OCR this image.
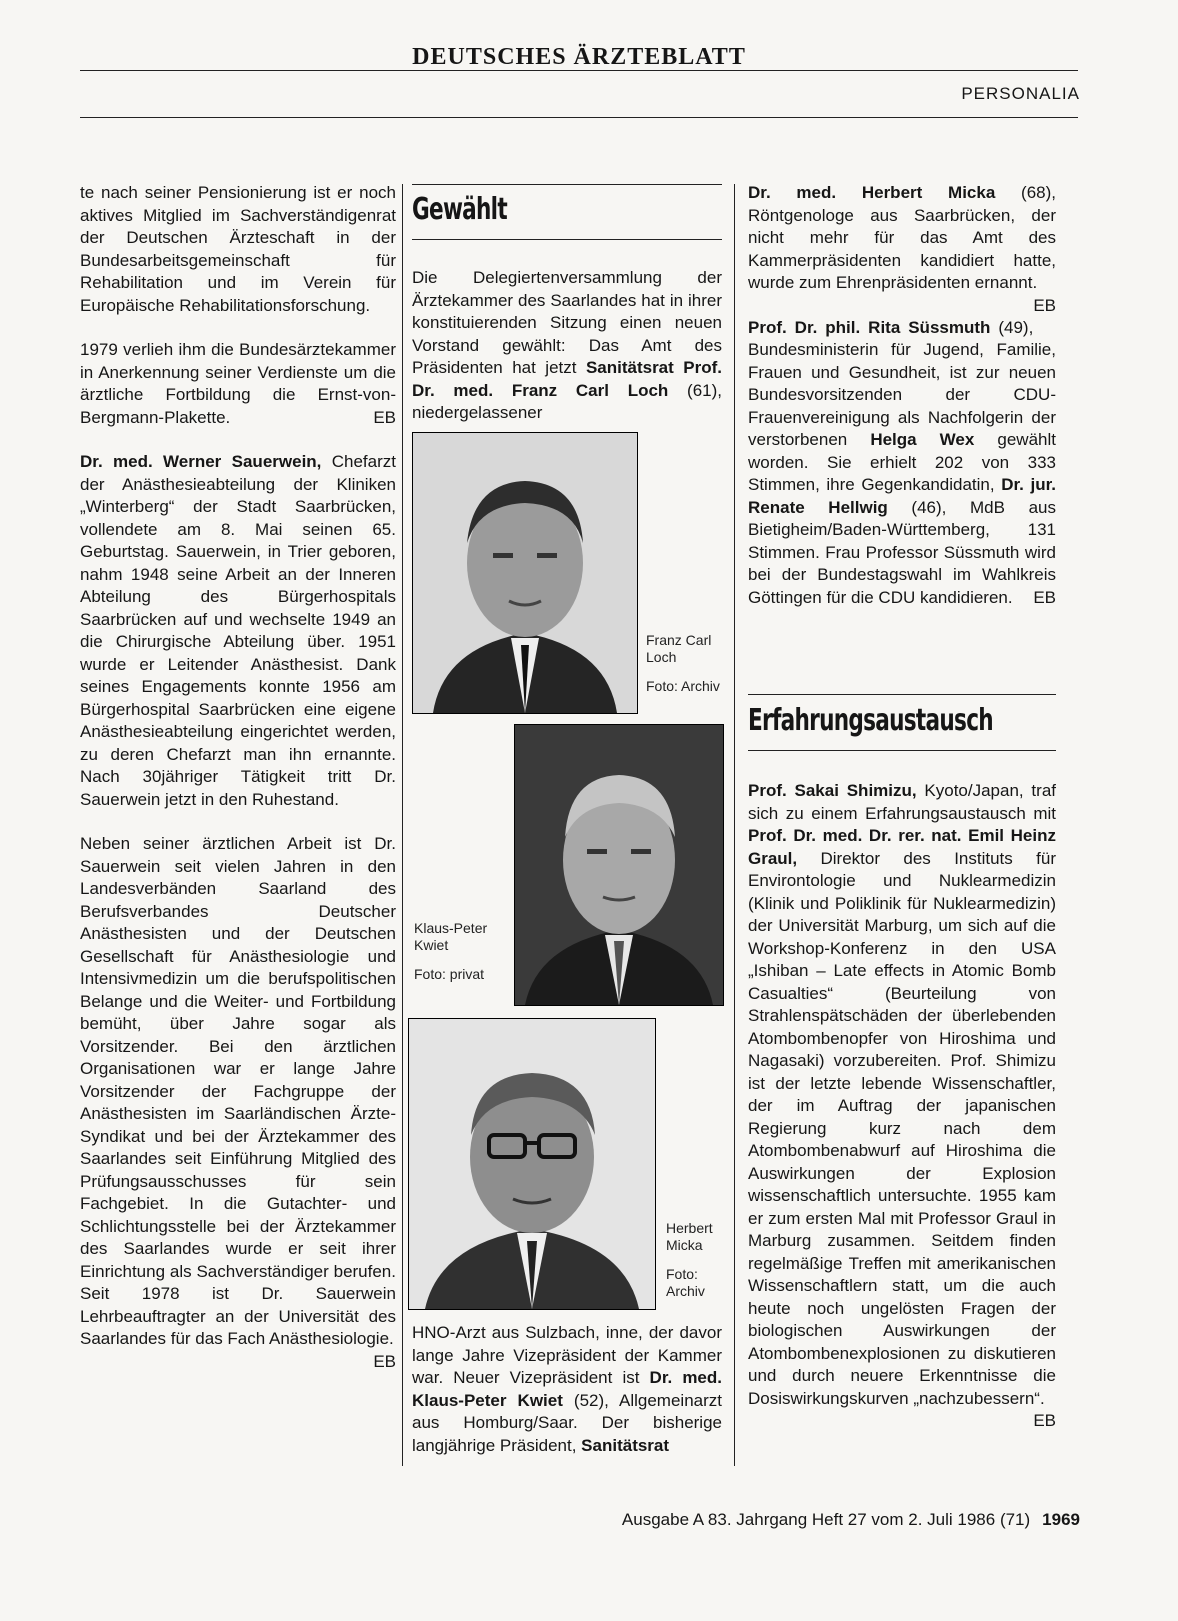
DEUTSCHES ÄRZTEBLATT
PERSONALIA

te nach seiner Pensionierung ist er noch aktives Mitglied im Sachverständigenrat der Deutschen Ärzteschaft in der Bundesarbeitsgemeinschaft für Rehabilitation und im Verein für Europäische Rehabilitationsforschung.

1979 verlieh ihm die Bundesärztekammer in Anerkennung seiner Verdienste um die ärztliche Fortbildung die Ernst-von-Bergmann-Plakette.	EB

Dr. med. Werner Sauerwein, Chefarzt der Anästhesieabteilung der Kliniken „Winterberg“ der Stadt Saarbrücken, vollendete am 8. Mai seinen 65. Geburtstag. Sauerwein, in Trier geboren, nahm 1948 seine Arbeit an der Inneren Abteilung des Bürgerhospitals Saarbrücken auf und wechselte 1949 an die Chirurgische Abteilung über. 1951 wurde er Leitender Anästhesist. Dank seines Engagements konnte 1956 am Bürgerhospital Saarbrücken eine eigene Anästhesieabteilung eingerichtet werden, zu deren Chefarzt man ihn ernannte. Nach 30jähriger Tätigkeit tritt Dr. Sauerwein jetzt in den Ruhestand.

Neben seiner ärztlichen Arbeit ist Dr. Sauerwein seit vielen Jahren in den Landesverbänden Saarland des Berufsverbandes Deutscher Anästhesisten und der Deutschen Gesellschaft für Anästhesiologie und Intensivmedizin um die berufspolitischen Belange und die Weiter- und Fortbildung bemüht, über Jahre sogar als Vorsitzender. Bei den ärztlichen Organisationen war er lange Jahre Vorsitzender der Fachgruppe der Anästhesisten im Saarländischen Ärzte-Syndikat und bei der Ärztekammer des Saarlandes seit Einführung Mitglied des Prüfungsausschusses für sein Fachgebiet. In die Gutachter- und Schlichtungsstelle bei der Ärztekammer des Saarlandes wurde er seit ihrer Einrichtung als Sachverständiger berufen. Seit 1978 ist Dr. Sauerwein Lehrbeauftragter an der Universität des Saarlandes für das Fach Anästhesiologie.
EB

Gewählt

Die Delegiertenversammlung der Ärztekammer des Saarlandes hat in ihrer konstituierenden Sitzung einen neuen Vorstand gewählt: Das Amt des Präsidenten hat jetzt Sanitätsrat Prof. Dr. med. Franz Carl Loch (61), niedergelassener

Franz Carl Loch
Foto: Archiv
Klaus-Peter Kwiet
Foto: privat
Herbert Micka
Foto: Archiv

HNO-Arzt aus Sulzbach, inne, der davor lange Jahre Vizepräsident der Kammer war. Neuer Vizepräsident ist Dr. med. Klaus-Peter Kwiet (52), Allgemeinarzt aus Homburg/Saar. Der bisherige langjährige Präsident, Sanitätsrat

Dr. med. Herbert Micka (68), Röntgenologe aus Saarbrücken, der nicht mehr für das Amt des Kammerpräsidenten kandidiert hatte, wurde zum Ehrenpräsidenten ernannt.
EB

Prof. Dr. phil. Rita Süssmuth (49), Bundesministerin für Jugend, Familie, Frauen und Gesundheit, ist zur neuen Bundesvorsitzenden der CDU-Frauenvereinigung als Nachfolgerin der verstorbenen Helga Wex gewählt worden. Sie erhielt 202 von 333 Stimmen, ihre Gegenkandidatin, Dr. jur. Renate Hellwig (46), MdB aus Bietigheim/Baden-Württemberg, 131 Stimmen. Frau Professor Süssmuth wird bei der Bundestagswahl im Wahlkreis Göttingen für die CDU kandidieren. EB

Erfahrungsaustausch

Prof. Sakai Shimizu, Kyoto/Japan, traf sich zu einem Erfahrungsaustausch mit Prof. Dr. med. Dr. rer. nat. Emil Heinz Graul, Direktor des Instituts für Environtologie und Nuklearmedizin (Klinik und Poliklinik für Nuklearmedizin) der Universität Marburg, um sich auf die Workshop-Konferenz in den USA „Ishiban – Late effects in Atomic Bomb Casualties“ (Beurteilung von Strahlenspätschäden der überlebenden Atombombenopfer von Hiroshima und Nagasaki) vorzubereiten. Prof. Shimizu ist der letzte lebende Wissenschaftler, der im Auftrag der japanischen Regierung kurz nach dem Atombombenabwurf auf Hiroshima die Auswirkungen der Explosion wissenschaftlich untersuchte. 1955 kam er zum ersten Mal mit Professor Graul in Marburg zusammen. Seitdem finden regelmäßige Treffen mit amerikanischen Wissenschaftlern statt, um die auch heute noch ungelösten Fragen der biologischen Auswirkungen der Atombombenexplosionen zu diskutieren und durch neuere Erkenntnisse die Dosiswirkungskurven „nachzubessern“.
EB

Ausgabe A 83. Jahrgang Heft 27 vom 2. Juli 1986 (71) 1969
